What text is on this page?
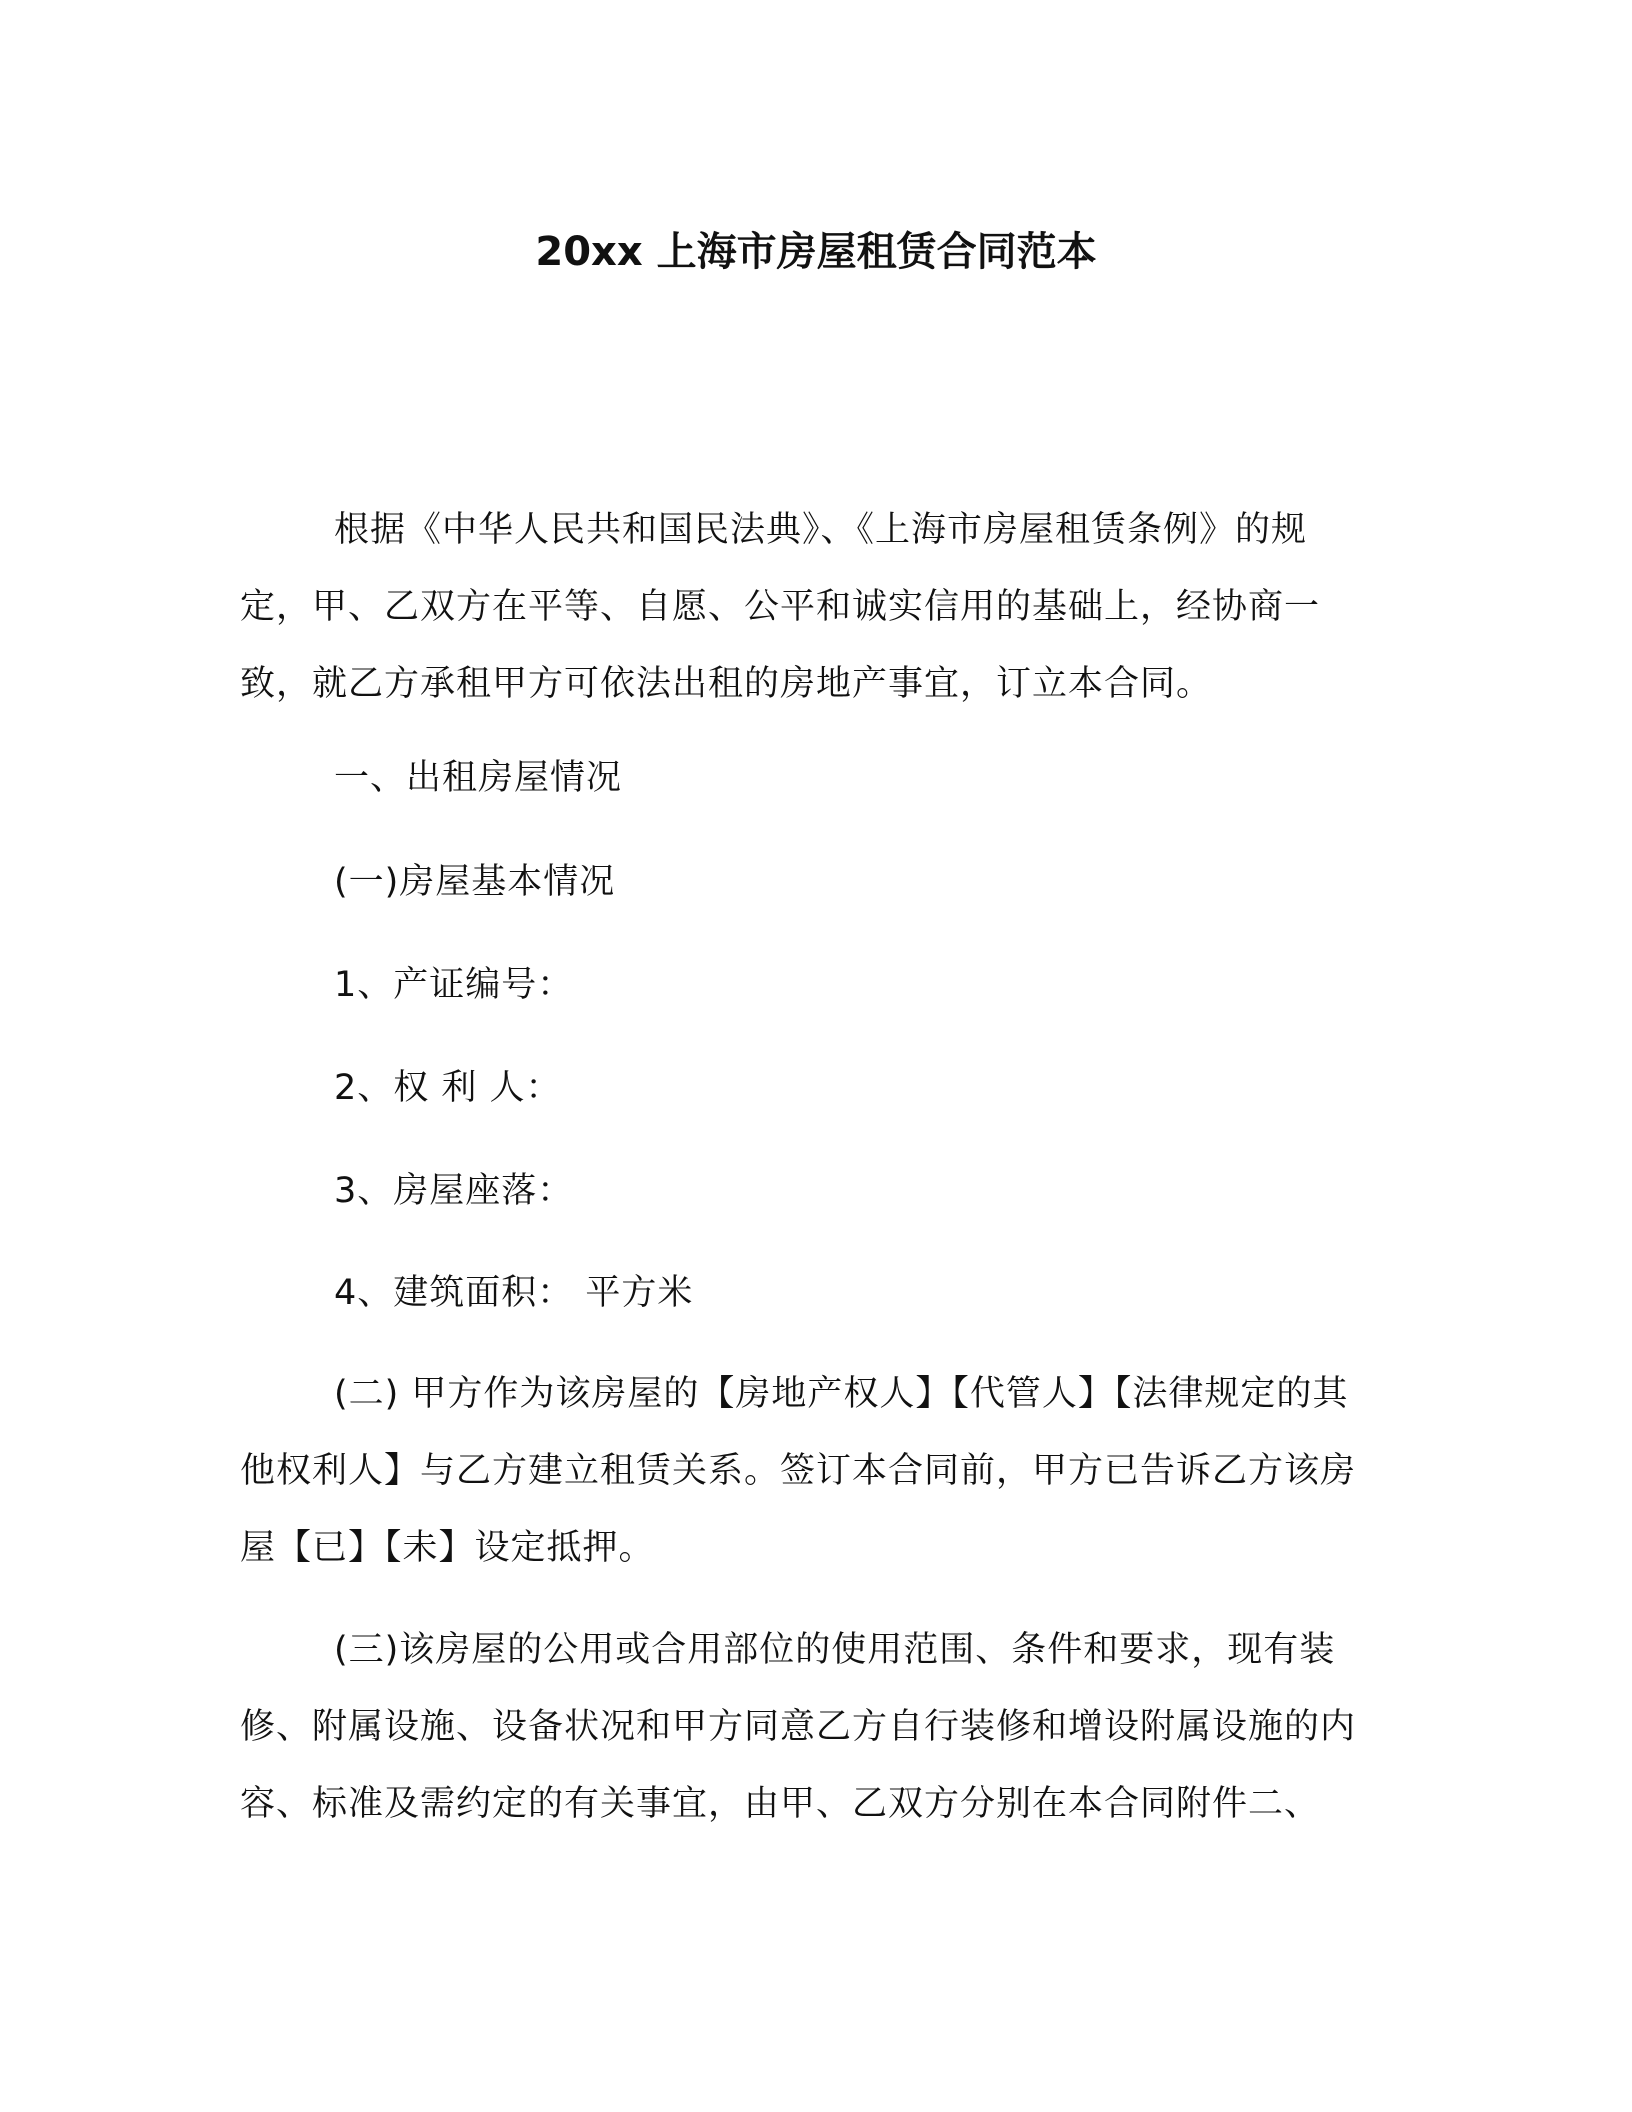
20xx 上海市房屋租赁合同范本

根据《中华人民共和国民法典》、《上海市房屋租赁条例》的规定，甲、乙双方在平等、自愿、公平和诚实信用的基础上，经协商一致，就乙方承租甲方可依法出租的房地产事宜，订立本合同。

一、出租房屋情况
(一)房屋基本情况
1、产证编号：
2、权 利 人：
3、房屋座落：
4、建筑面积： 平方米

(二) 甲方作为该房屋的【房地产权人】【代管人】【法律规定的其他权利人】与乙方建立租赁关系。签订本合同前，甲方已告诉乙方该房屋【已】【未】设定抵押。

(三)该房屋的公用或合用部位的使用范围、条件和要求，现有装修、附属设施、设备状况和甲方同意乙方自行装修和增设附属设施的内容、标准及需约定的有关事宜，由甲、乙双方分别在本合同附件二、
